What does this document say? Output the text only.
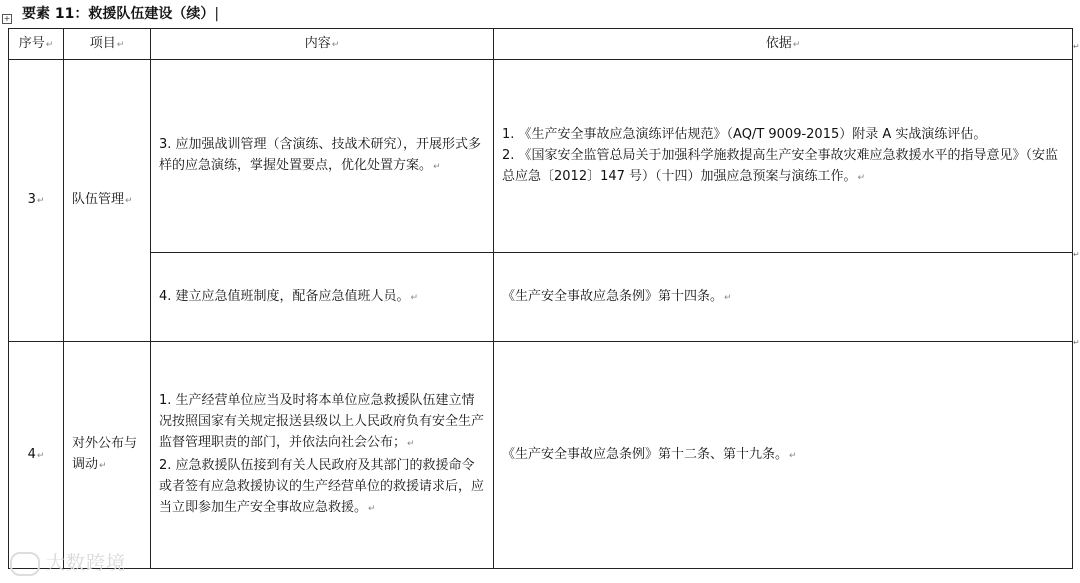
+ 要素 11：救援队伍建设（续）|
序号↵	项目↵	内容↵	依据↵
3↵	队伍管理↵	3. 应加强战训管理（含演练、技战术研究），开展形式多样的应急演练，掌握处置要点，优化处置方案。↵	1. 《生产安全事故应急演练评估规范》（AQ/T 9009-2015）附录 A 实战演练评估。
2. 《国家安全监管总局关于加强科学施救提高生产安全事故灾难应急救援水平的指导意见》（安监总应急〔2012〕147 号）（十四）加强应急预案与演练工作。↵

		4. 建立应急值班制度，配备应急值班人员。↵	《生产安全事故应急条例》第十四条。↵
4↵	对外公布与调动↵	1. 生产经营单位应当及时将本单位应急救援队伍建立情况按照国家有关规定报送县级以上人民政府负有安全生产监督管理职责的部门，并依法向社会公布；↵
2. 应急救援队伍接到有关人民政府及其部门的救援命令或者签有应急救援协议的生产经营单位的救援请求后，应当立即参加生产安全事故应急救援。↵	《生产安全事故应急条例》第十二条、第十九条。↵
↵
↵
↵
大数跨境
